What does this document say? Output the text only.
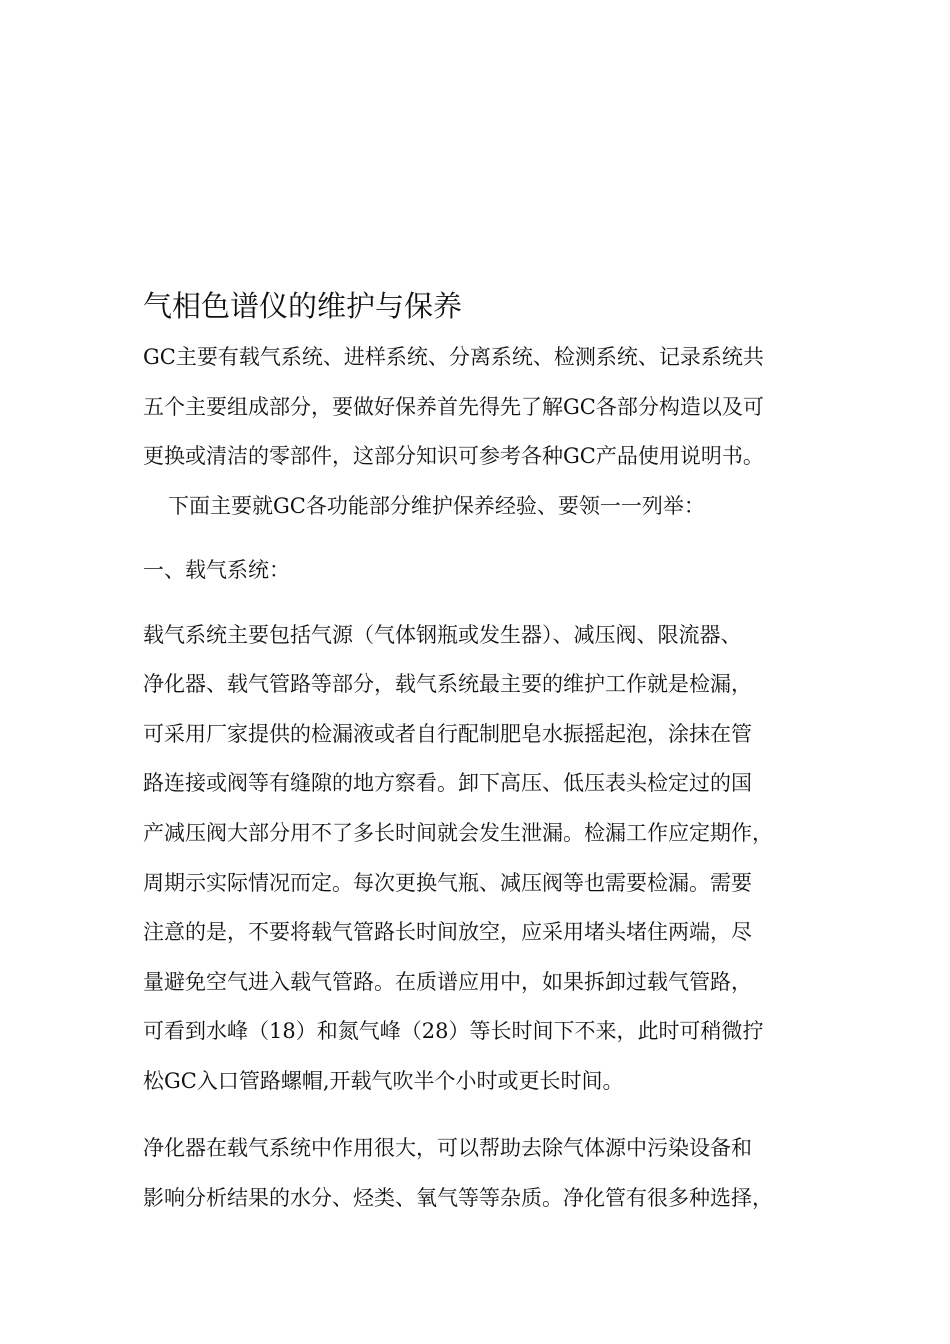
气相色谱仪的维护与保养

GC主要有载气系统、进样系统、分离系统、检测系统、记录系统共

五个主要组成部分，要做好保养首先得先了解GC各部分构造以及可

更换或清洁的零部件，这部分知识可参考各种GC产品使用说明书。

下面主要就GC各功能部分维护保养经验、要领一一列举：

一、载气系统：

载气系统主要包括气源（气体钢瓶或发生器）、减压阀、限流器、

净化器、载气管路等部分，载气系统最主要的维护工作就是检漏，

可采用厂家提供的检漏液或者自行配制肥皂水振摇起泡，涂抹在管

路连接或阀等有缝隙的地方察看。卸下高压、低压表头检定过的国

产减压阀大部分用不了多长时间就会发生泄漏。检漏工作应定期作，

周期示实际情况而定。每次更换气瓶、减压阀等也需要检漏。需要

注意的是，不要将载气管路长时间放空，应采用堵头堵住两端，尽

量避免空气进入载气管路。在质谱应用中，如果拆卸过载气管路，

可看到水峰（18）和氮气峰（28）等长时间下不来，此时可稍微拧

松GC入口管路螺帽,开载气吹半个小时或更长时间。

净化器在载气系统中作用很大，可以帮助去除气体源中污染设备和

影响分析结果的水分、烃类、氧气等等杂质。净化管有很多种选择，
